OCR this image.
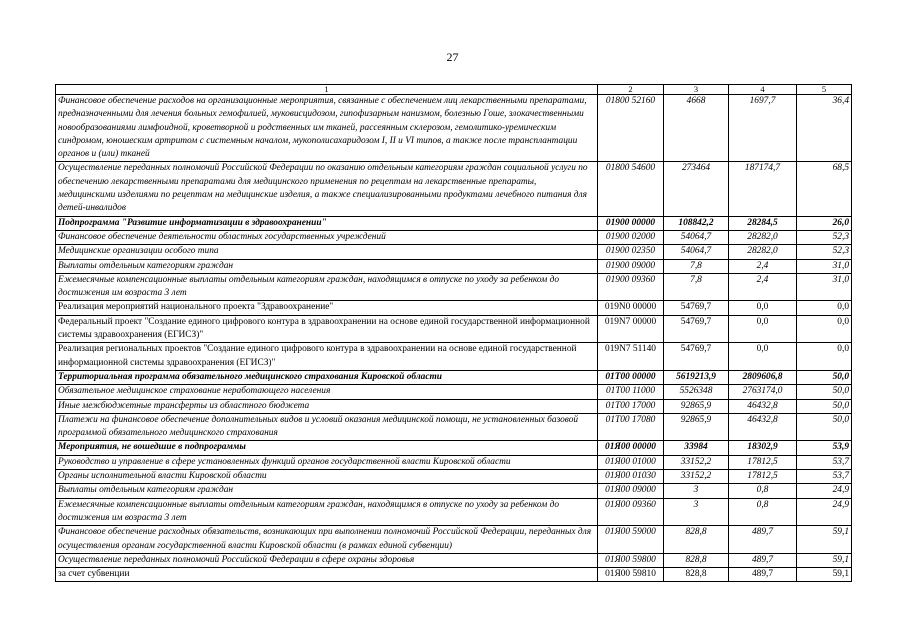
27
1	2	3	4	5
Финансовое обеспечение расходов на организационные мероприятия, связанные с обеспечением лиц лекарственными препаратами, предназначенными для лечения больных гемофилией, муковисцидозом, гипофизарным нанизмом, болезнью Гоше, злокачественными новообразованиями лимфоидной, кроветворной и родственных им тканей, рассеянным склерозом, гемолитико-уремическим синдромом, юношеским артритом с системным началом, мукополисахаридозом I, II и VI типов, а также после трансплантации органов и (или) тканей	01800 52160	4668	1697,7	36,4
Осуществление переданных полномочий Российской Федерации по оказанию отдельным категориям граждан социальной услуги по обеспечению лекарственными препаратами для медицинского применения по рецептам на лекарственные препараты, медицинскими изделиями по рецептам на медицинские изделия, а также специализированными продуктами лечебного питания для детей-инвалидов	01800 54600	273464	187174,7	68,5
Подпрограмма "Развитие информатизации в здравоохранении"	01900 00000	108842,2	28284,5	26,0
Финансовое обеспечение деятельности областных государственных учреждений	01900 02000	54064,7	28282,0	52,3
Медицинские организации особого типа	01900 02350	54064,7	28282,0	52,3
Выплаты отдельным категориям граждан	01900 09000	7,8	2,4	31,0
Ежемесячные компенсационные выплаты отдельным категориям граждан, находящимся в отпуске по уходу за ребенком до достижения им возраста 3 лет	01900 09360	7,8	2,4	31,0
Реализация мероприятий национального проекта "Здравоохранение"	019N0 00000	54769,7	0,0	0,0
Федеральный проект "Создание единого цифрового контура в здравоохранении на основе единой государственной информационной системы здравоохранения (ЕГИСЗ)"	019N7 00000	54769,7	0,0	0,0
Реализация региональных проектов "Создание единого цифрового контура в здравоохранении на основе единой государственной информационной системы здравоохранения (ЕГИСЗ)"	019N7 51140	54769,7	0,0	0,0
Территориальная программа обязательного медицинского страхования Кировской области	01Т00 00000	5619213,9	2809606,8	50,0
Обязательное медицинское страхование неработающего населения	01Т00 11000	5526348	2763174,0	50,0
Иные межбюджетные трансферты из областного бюджета	01Т00 17000	92865,9	46432,8	50,0
Платежи на финансовое обеспечение дополнительных видов и условий оказания медицинской помощи, не установленных базовой программой обязательного медицинского страхования	01Т00 17080	92865,9	46432,8	50,0
Мероприятия, не вошедшие в подпрограммы	01Я00 00000	33984	18302,9	53,9
Руководство и управление в сфере установленных функций органов государственной власти Кировской области	01Я00 01000	33152,2	17812,5	53,7
Органы исполнительной власти Кировской области	01Я00 01030	33152,2	17812,5	53,7
Выплаты отдельным категориям граждан	01Я00 09000	3	0,8	24,9
Ежемесячные компенсационные выплаты отдельным категориям граждан, находящимся в отпуске по уходу за ребенком до достижения им возраста 3 лет	01Я00 09360	3	0,8	24,9
Финансовое обеспечение расходных обязательств, возникающих при выполнении полномочий Российской Федерации, переданных для осуществления органам государственной власти Кировской области (в рамках единой субвенции)	01Я00 59000	828,8	489,7	59,1
Осуществление переданных полномочий Российской Федерации в сфере охраны здоровья	01Я00 59800	828,8	489,7	59,1
за счет субвенции	01Я00 59810	828,8	489,7	59,1
